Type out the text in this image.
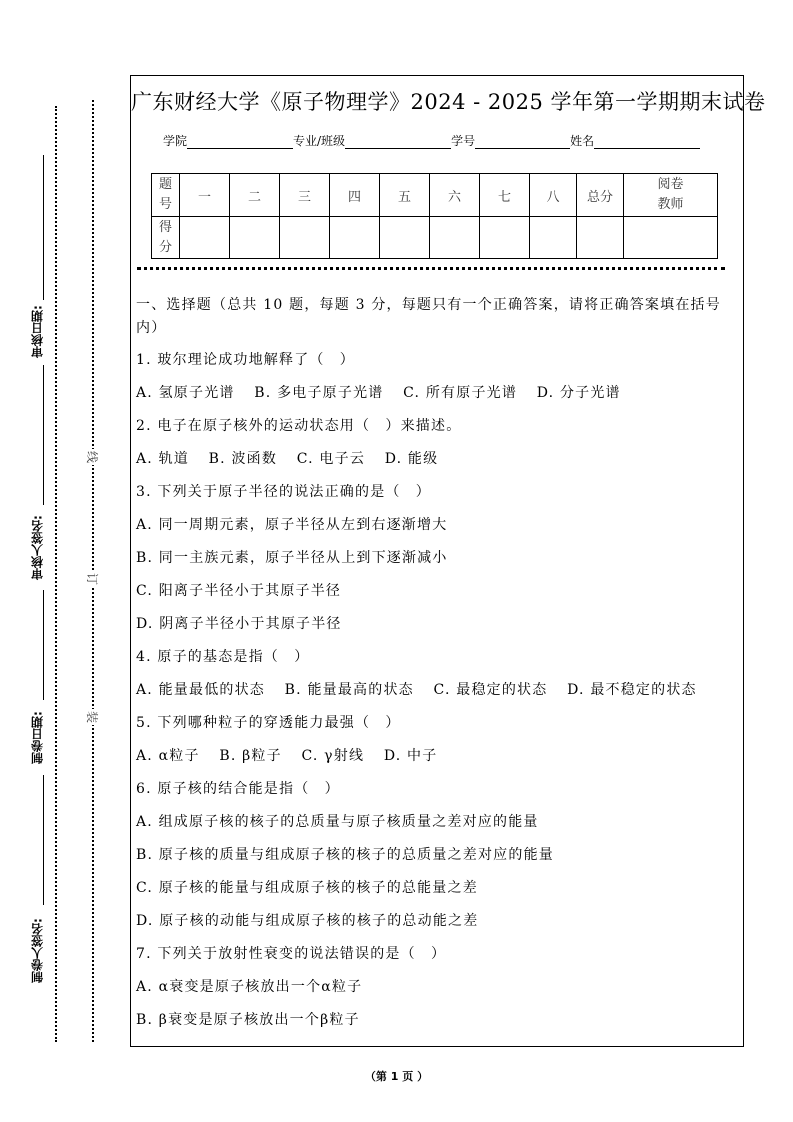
线
订
装
审核日期:
审核人签名:
制卷日期:
制卷人签名:
广东财经大学《原子物理学》2024 - 2025 学年第一学期期末试卷
学院	专业/班级	学号	姓名
题
号	一	二	三	四	五	六	七	八	总分	阅卷
教师
得
分										
一、选择题（总共 10 题，每题 3 分，每题只有一个正确答案，请将正确答案填在括号内）
1. 玻尔理论成功地解释了（　）
A. 氢原子光谱 B. 多电子原子光谱 C. 所有原子光谱 D. 分子光谱
2. 电子在原子核外的运动状态用（　）来描述。
A. 轨道 B. 波函数 C. 电子云 D. 能级
3. 下列关于原子半径的说法正确的是（　）
A. 同一周期元素，原子半径从左到右逐渐增大
B. 同一主族元素，原子半径从上到下逐渐减小
C. 阳离子半径小于其原子半径
D. 阴离子半径小于其原子半径
4. 原子的基态是指（　）
A. 能量最低的状态 B. 能量最高的状态 C. 最稳定的状态 D. 最不稳定的状态
5. 下列哪种粒子的穿透能力最强（　）
A. α粒子 B. β粒子 C. γ射线 D. 中子
6. 原子核的结合能是指（　）
A. 组成原子核的核子的总质量与原子核质量之差对应的能量
B. 原子核的质量与组成原子核的核子的总质量之差对应的能量
C. 原子核的能量与组成原子核的核子的总能量之差
D. 原子核的动能与组成原子核的核子的总动能之差
7. 下列关于放射性衰变的说法错误的是（　）
A. α衰变是原子核放出一个α粒子
B. β衰变是原子核放出一个β粒子
（第 1 页 ）
